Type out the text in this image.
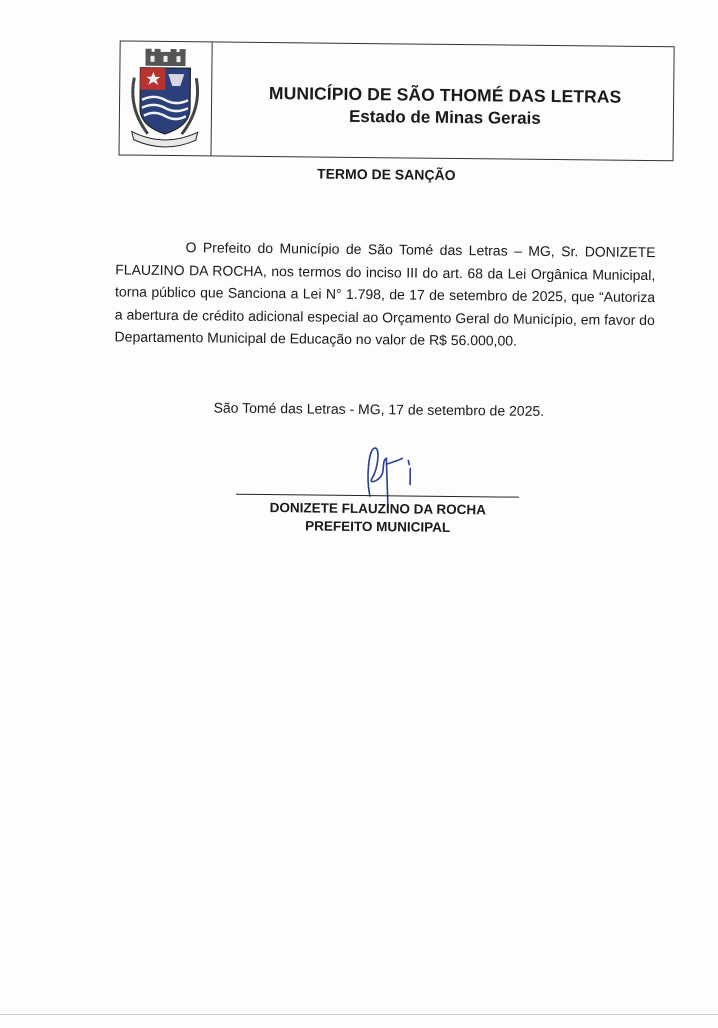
MUNICÍPIO DE SÃO THOMÉ DAS LETRAS
Estado de Minas Gerais
TERMO DE SANÇÃO
O Prefeito do Município de São Tomé das Letras – MG, Sr. DONIZETE FLAUZINO DA ROCHA, nos termos do inciso III do art. 68 da Lei Orgânica Municipal, torna público que Sanciona a Lei N° 1.798, de 17 de setembro de 2025, que “Autoriza a abertura de crédito adicional especial ao Orçamento Geral do Município, em favor do Departamento Municipal de Educação no valor de R$ 56.000,00.
São Tomé das Letras - MG, 17 de setembro de 2025.
DONIZETE FLAUZINO DA ROCHA
PREFEITO MUNICIPAL
